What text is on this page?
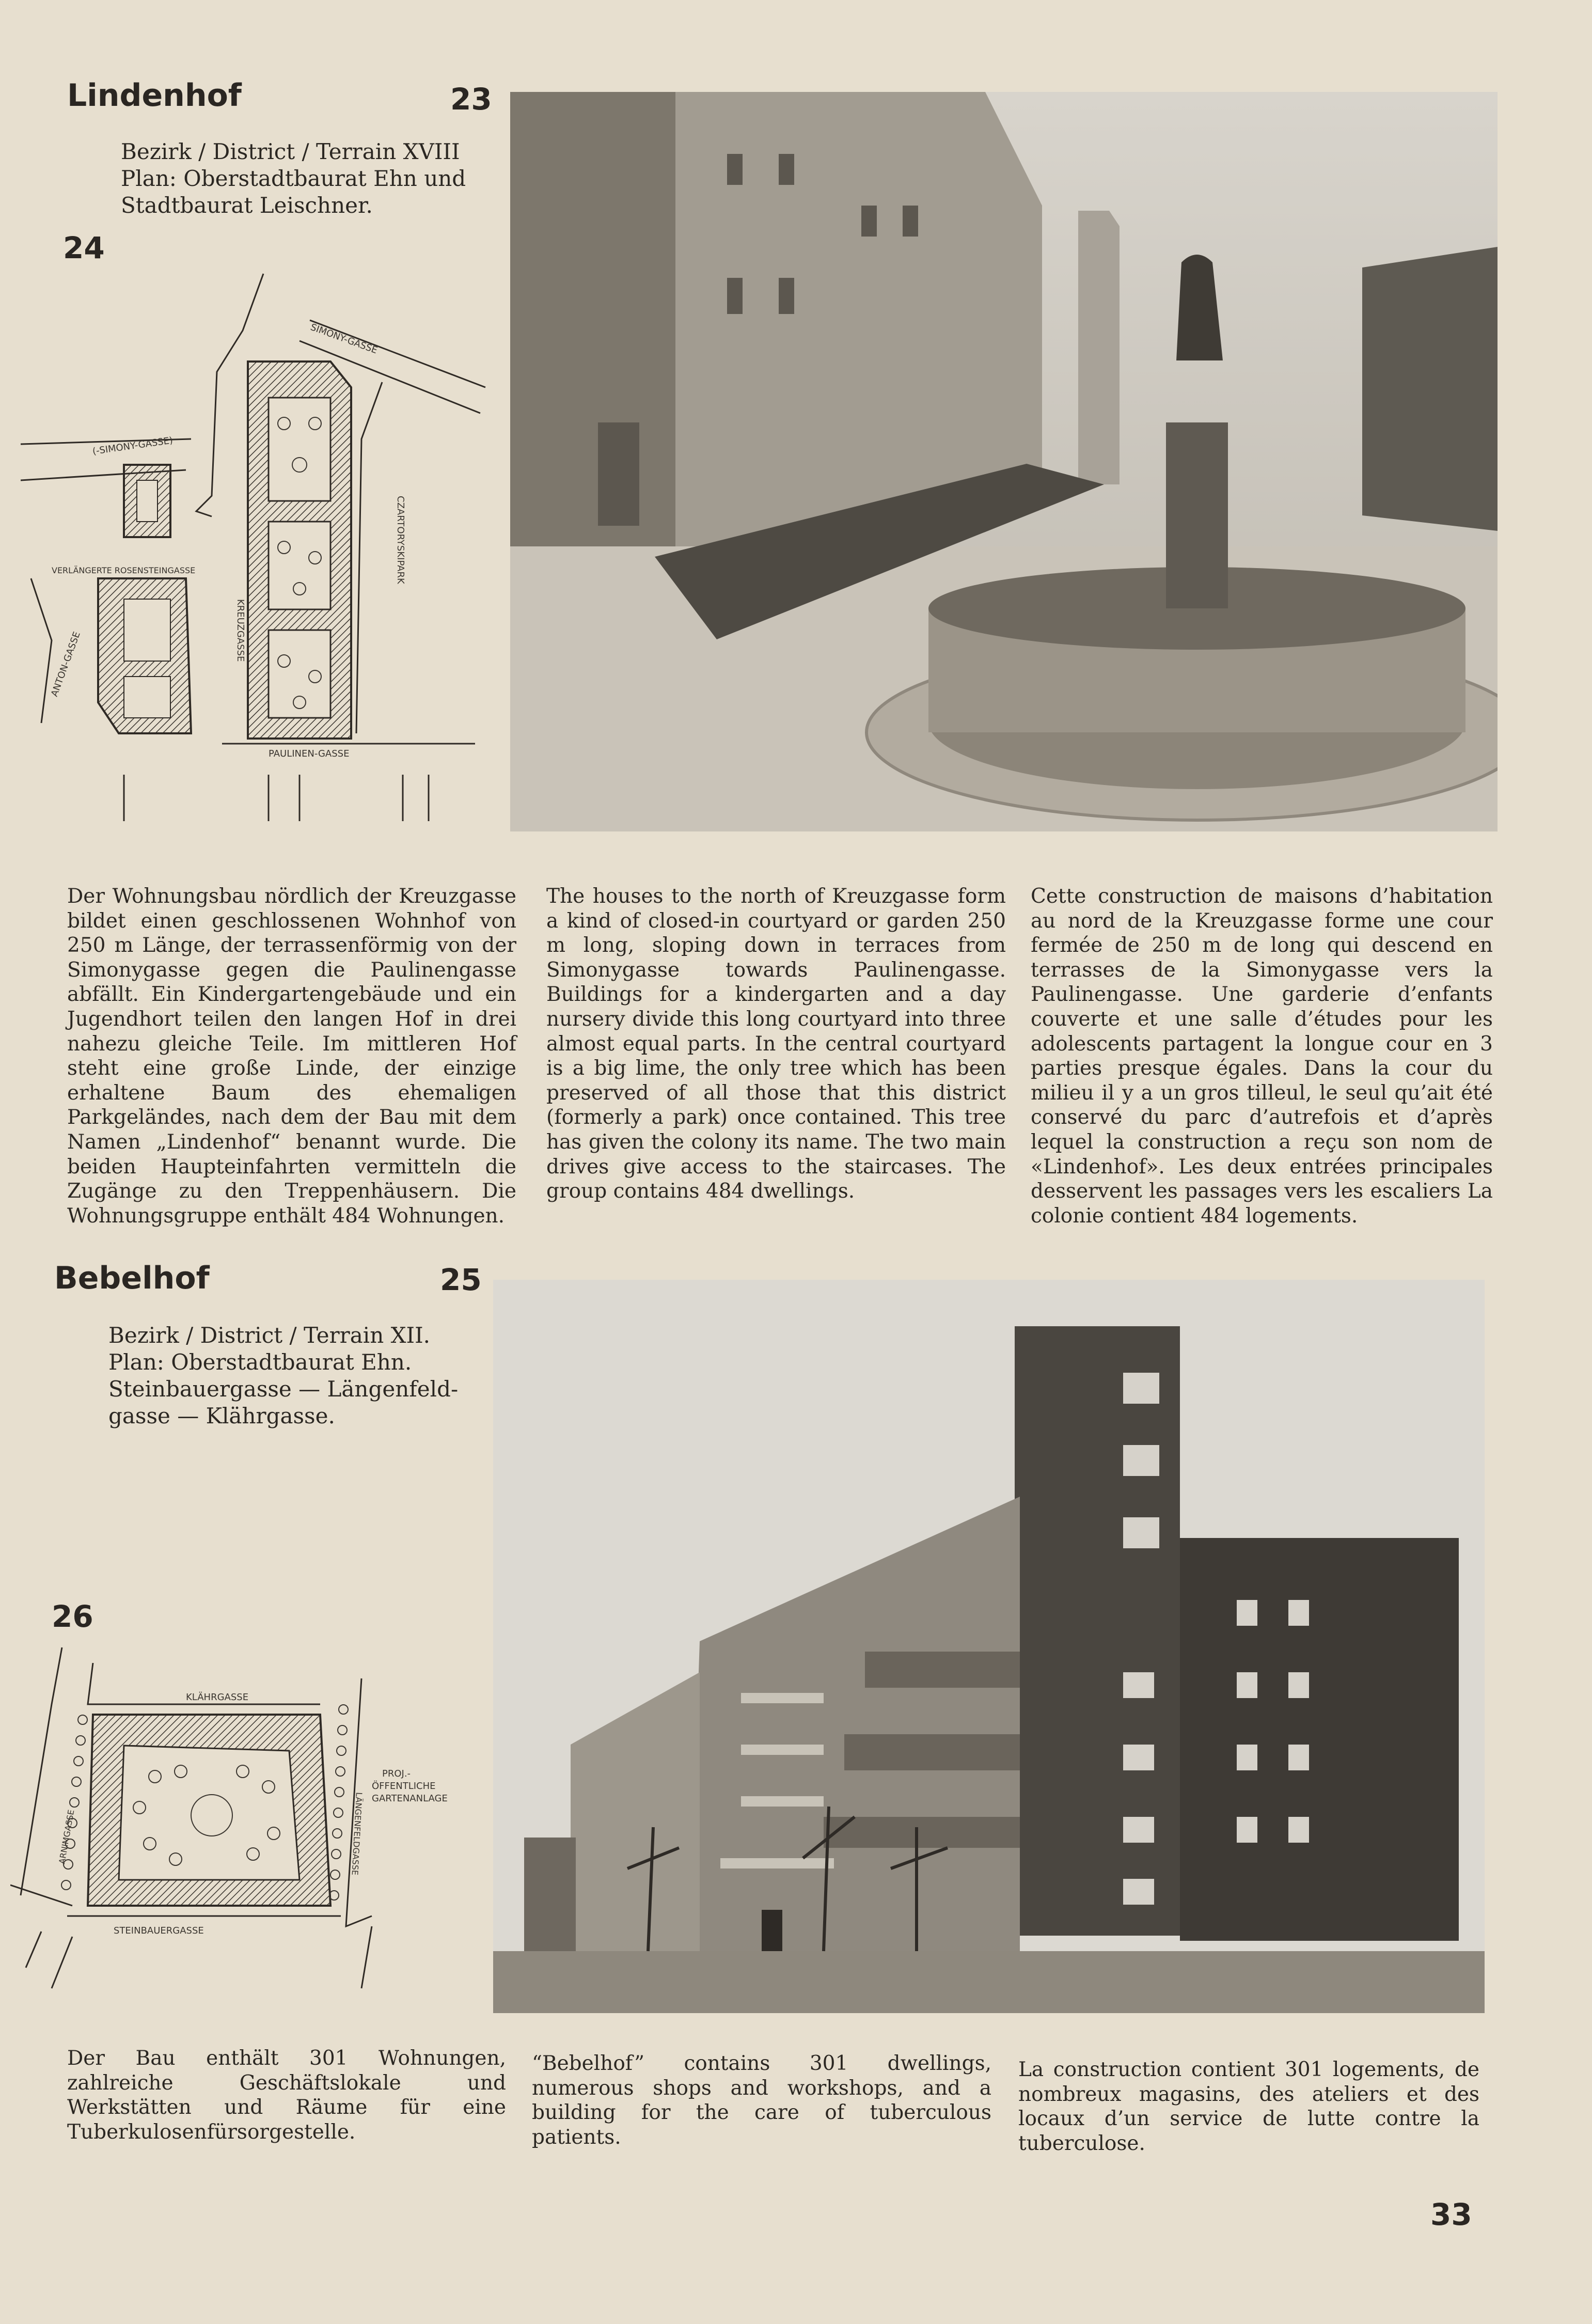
Lindenhof	23
Bezirk / District / Terrain XVIII
Plan: Oberstadtbaurat Ehn und
Stadtbaurat Leischner.
24
SIMONY-GASSE
(-SIMONY-GASSE)
CZARTORYSKIPARK
VERLÄNGERTE ROSENSTEINGASSE
KREUZGASSE
PAULINEN-GASSE
ANTON-GASSE
Der Wohnungsbau nördlich der Kreuzgasse bildet einen geschlossenen Wohnhof von 250 m Länge, der terrassenförmig von der Simonygasse gegen die Paulinengasse abfällt. Ein Kindergartengebäude und ein Jugendhort teilen den langen Hof in drei nahezu gleiche Teile. Im mittleren Hof steht eine große Linde, der einzige erhaltene Baum des ehemaligen Parkgeländes, nach dem der Bau mit dem Namen „Lindenhof“ benannt wurde. Die beiden Haupteinfahrten vermitteln die Zugänge zu den Treppenhäusern. Die Wohnungsgruppe enthält 484 Wohnungen.
The houses to the north of Kreuzgasse form a kind of closed-in courtyard or garden 250 m long, sloping down in terraces from Simonygasse towards Paulinengasse. Buildings for a kindergarten and a day nursery divide this long courtyard into three almost equal parts. In the central courtyard is a big lime, the only tree which has been preserved of all those that this district (formerly a park) once contained. This tree has given the colony its name. The two main drives give access to the staircases. The group contains 484 dwellings.
Cette construction de maisons d’habitation au nord de la Kreuzgasse forme une cour fermée de 250 m de long qui descend en terrasses de la Simonygasse vers la Paulinengasse. Une garderie d’enfants couverte et une salle d’études pour les adolescents partagent la longue cour en 3 parties presque égales. Dans la cour du milieu il y a un gros tilleul, le seul qu’ait été conservé du parc d’autrefois et d’après lequel la construction a reçu son nom de «Lindenhof». Les deux entrées principales desservent les passages vers les escaliers La colonie contient 484 logements.
Bebelhof	25
Bezirk / District / Terrain XII.
Plan: Oberstadtbaurat Ehn.
Steinbauergasse — Längenfeld-
gasse — Klährgasse.
26
KLÄHRGASSE
STEINBAUERGASSE
ARNIMGASSE	LÄNGENFELDGASSE
PROJ.-
ÖFFENTLICHE
GARTENANLAGE
Der Bau enthält 301 Wohnungen, zahlreiche Geschäftslokale und Werkstätten und Räume für eine Tuberkulosenfürsorgestelle.
“Bebelhof” contains 301 dwellings, numerous shops and workshops, and a building for the care of tuberculous patients.
La construction contient 301 logements, de nombreux magasins, des ateliers et des locaux d’un service de lutte contre la tuberculose.
33
